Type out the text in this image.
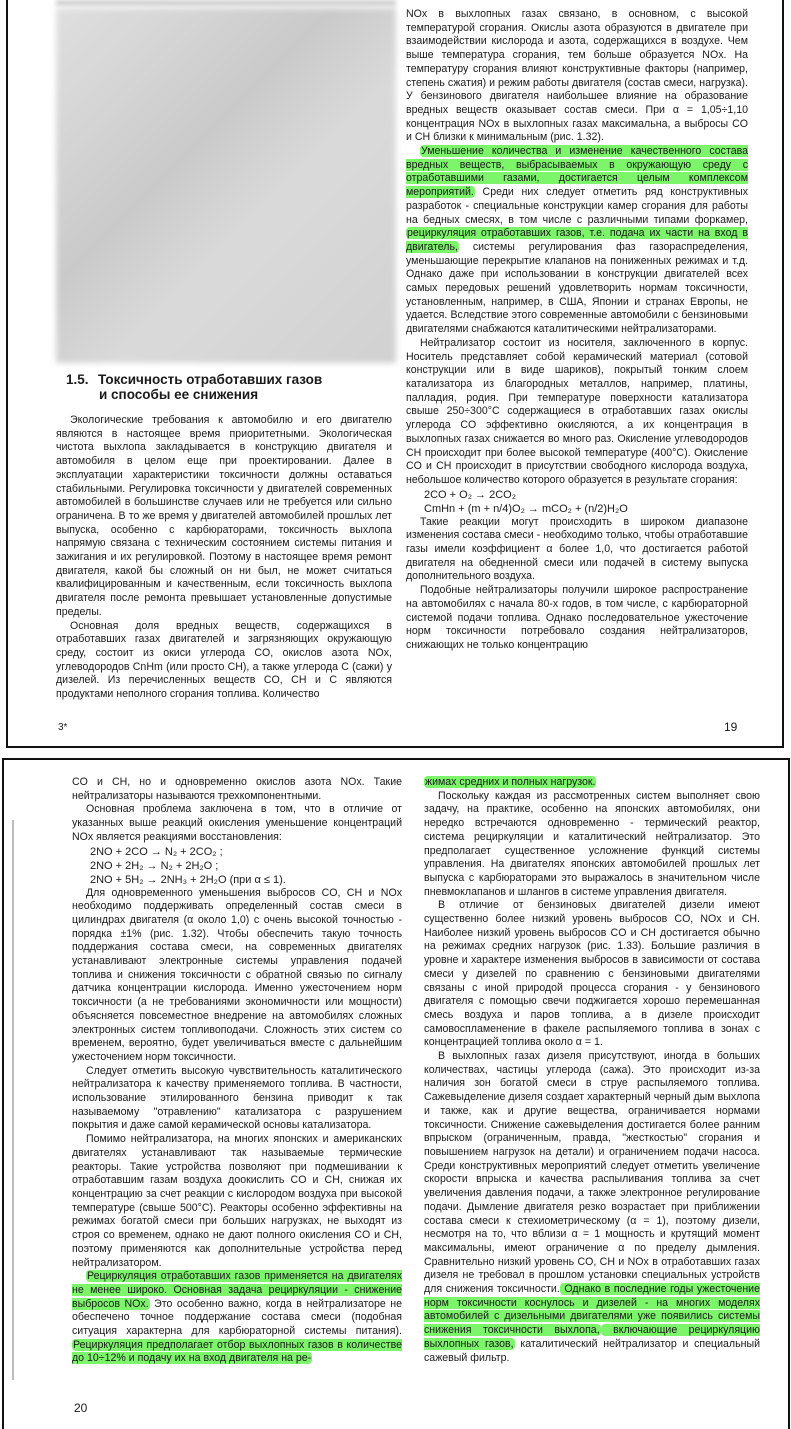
1.5. Токсичность отработавших газов
и способы ее снижения

Экологические требования к автомобилю и его двигателю являются в настоящее время приоритетными. Экологическая чистота выхлопа закладывается в конструкцию двигателя и автомобиля в целом еще при проектировании. Далее в эксплуатации характеристики токсичности должны оставаться стабильными. Регулировка токсичности у двигателей современных автомобилей в большинстве случаев или не требуется или сильно ограничена. В то же время у двигателей автомобилей прошлых лет выпуска, особенно с карбюраторами, токсичность выхлопа напрямую связана с техническим состоянием системы питания и зажигания и их регулировкой. Поэтому в настоящее время ремонт двигателя, какой бы сложный он ни был, не может считаться квалифицированным и качественным, если токсичность выхлопа двигателя после ремонта превышает установленные допустимые пределы.

Основная доля вредных веществ, содержащихся в отработавших газах двигателей и загрязняющих окружающую среду, состоит из окиси углерода CO, окислов азота NOx, углеводородов CnHm (или просто CH), а также углерода C (сажи) у дизелей. Из перечисленных веществ CO, CH и C являются продуктами неполного сгорания топлива. Количество

NOx в выхлопных газах связано, в основном, с высокой температурой сгорания. Окислы азота образуются в двигателе при взаимодействии кислорода и азота, содержащихся в воздухе. Чем выше температура сгорания, тем больше образуется NOx. На температуру сгорания влияют конструктивные факторы (например, степень сжатия) и режим работы двигателя (состав смеси, нагрузка). У бензинового двигателя наибольшее влияние на образование вредных веществ оказывает состав смеси. При α = 1,05÷1,10 концентрация NOx в выхлопных газах максимальна, а выбросы CO и CH близки к минимальным (рис. 1.32).

Уменьшение количества и изменение качественного состава вредных веществ, выбрасываемых в окружающую среду с отработавшими газами, достигается целым комплексом мероприятий. Среди них следует отметить ряд конструктивных разработок - специальные конструкции камер сгорания для работы на бедных смесях, в том числе с различными типами форкамер, рециркуляция отработавших газов, т.е. подача их части на вход в двигатель, системы регулирования фаз газораспределения, уменьшающие перекрытие клапанов на пониженных режимах и т.д. Однако даже при использовании в конструкции двигателей всех самых передовых решений удовлетворить нормам токсичности, установленным, например, в США, Японии и странах Европы, не удается. Вследствие этого современные автомобили с бензиновыми двигателями снабжаются каталитическими нейтрализаторами.

Нейтрализатор состоит из носителя, заключенного в корпус. Носитель представляет собой керамический материал (сотовой конструкции или в виде шариков), покрытый тонким слоем катализатора из благородных металлов, например, платины, палладия, родия. При температуре поверхности катализатора свыше 250÷300°С содержащиеся в отработавших газах окислы углерода CO эффективно окисляются, а их концентрация в выхлопных газах снижается во много раз. Окисление углеводородов CH происходит при более высокой температуре (400°С). Окисление CO и CH происходит в присутствии свободного кислорода воздуха, небольшое количество которого образуется в результате сгорания:

2CO + O₂ → 2CO₂

CmHn + (m + n/4)O₂ → mCO₂ + (n/2)H₂O

Такие реакции могут происходить в широком диапазоне изменения состава смеси - необходимо только, чтобы отработавшие газы имели коэффициент α более 1,0, что достигается работой двигателя на обедненной смеси или подачей в систему выпуска дополнительного воздуха.

Подобные нейтрализаторы получили широкое распространение на автомобилях с начала 80-х годов, в том числе, с карбюраторной системой подачи топлива. Однако последовательное ужесточение норм токсичности потребовало создания нейтрализаторов, снижающих не только концентрацию

3*	19

CO и CH, но и одновременно окислов азота NOx. Такие нейтрализаторы называются трехкомпонентными.

Основная проблема заключена в том, что в отличие от указанных выше реакций окисления уменьшение концентраций NOx является реакциями восстановления:

2NO + 2CO → N₂ + 2CO₂ ;

2NO + 2H₂ → N₂ + 2H₂O ;

2NO + 5H₂ → 2NH₃ + 2H₂O (при α ≤ 1).

Для одновременного уменьшения выбросов CO, CH и NOx необходимо поддерживать определенный состав смеси в цилиндрах двигателя (α около 1,0) с очень высокой точностью - порядка ±1% (рис. 1.32). Чтобы обеспечить такую точность поддержания состава смеси, на современных двигателях устанавливают электронные системы управления подачей топлива и снижения токсичности с обратной связью по сигналу датчика концентрации кислорода. Именно ужесточением норм токсичности (а не требованиями экономичности или мощности) объясняется повсеместное внедрение на автомобилях сложных электронных систем топливоподачи. Сложность этих систем со временем, вероятно, будет увеличиваться вместе с дальнейшим ужесточением норм токсичности.

Следует отметить высокую чувствительность каталитического нейтрализатора к качеству применяемого топлива. В частности, использование этилированного бензина приводит к так называемому "отравлению" катализатора с разрушением покрытия и даже самой керамической основы катализатора.

Помимо нейтрализатора, на многих японских и американских двигателях устанавливают так называемые термические реакторы. Такие устройства позволяют при подмешивании к отработавшим газам воздуха доокислить CO и CH, снижая их концентрацию за счет реакции с кислородом воздуха при высокой температуре (свыше 500°С). Реакторы особенно эффективны на режимах богатой смеси при больших нагрузках, не выходят из строя со временем, однако не дают полного окисления CO и CH, поэтому применяются как дополнительные устройства перед нейтрализатором.

Рециркуляция отработавших газов применяется на двигателях не менее широко. Основная задача рециркуляции - снижение выбросов NOx. Это особенно важно, когда в нейтрализаторе не обеспечено точное поддержание состава смеси (подобная ситуация характерна для карбюраторной системы питания). Рециркуляция предполагает отбор выхлопных газов в количестве до 10÷12% и подачу их на вход двигателя на ре-

жимах средних и полных нагрузок.

Поскольку каждая из рассмотренных систем выполняет свою задачу, на практике, особенно на японских автомобилях, они нередко встречаются одновременно - термический реактор, система рециркуляции и каталитический нейтрализатор. Это предполагает существенное усложнение функций системы управления. На двигателях японских автомобилей прошлых лет выпуска с карбюраторами это выражалось в значительном числе пневмоклапанов и шлангов в системе управления двигателя.

В отличие от бензиновых двигателей дизели имеют существенно более низкий уровень выбросов CO, NOx и CH. Наиболее низкий уровень выбросов CO и CH достигается обычно на режимах средних нагрузок (рис. 1.33). Большие различия в уровне и характере изменения выбросов в зависимости от состава смеси у дизелей по сравнению с бензиновыми двигателями связаны с иной природой процесса сгорания - у бензинового двигателя с помощью свечи поджигается хорошо перемешанная смесь воздуха и паров топлива, а в дизеле происходит самовоспламенение в факеле распыляемого топлива в зонах с концентрацией топлива около α = 1.

В выхлопных газах дизеля присутствуют, иногда в больших количествах, частицы углерода (сажа). Это происходит из-за наличия зон богатой смеси в струе распыляемого топлива. Сажевыделение дизеля создает характерный черный дым выхлопа и также, как и другие вещества, ограничивается нормами токсичности. Снижение сажевыделения достигается более ранним впрыском (ограниченным, правда, "жесткостью" сгорания и повышением нагрузок на детали) и ограничением подачи насоса. Среди конструктивных мероприятий следует отметить увеличение скорости впрыска и качества распыливания топлива за счет увеличения давления подачи, а также электронное регулирование подачи. Дымление двигателя резко возрастает при приближении состава смеси к стехиометрическому (α = 1), поэтому дизели, несмотря на то, что вблизи α = 1 мощность и крутящий момент максимальны, имеют ограничение α по пределу дымления. Сравнительно низкий уровень CO, CH и NOx в отработавших газах дизеля не требовал в прошлом установки специальных устройств для снижения токсичности. Однако в последние годы ужесточение норм токсичности коснулось и дизелей - на многих моделях автомобилей с дизельными двигателями уже появились системы снижения токсичности выхлопа, включающие рециркуляцию выхлопных газов, каталитический нейтрализатор и специальный сажевый фильтр.

20
